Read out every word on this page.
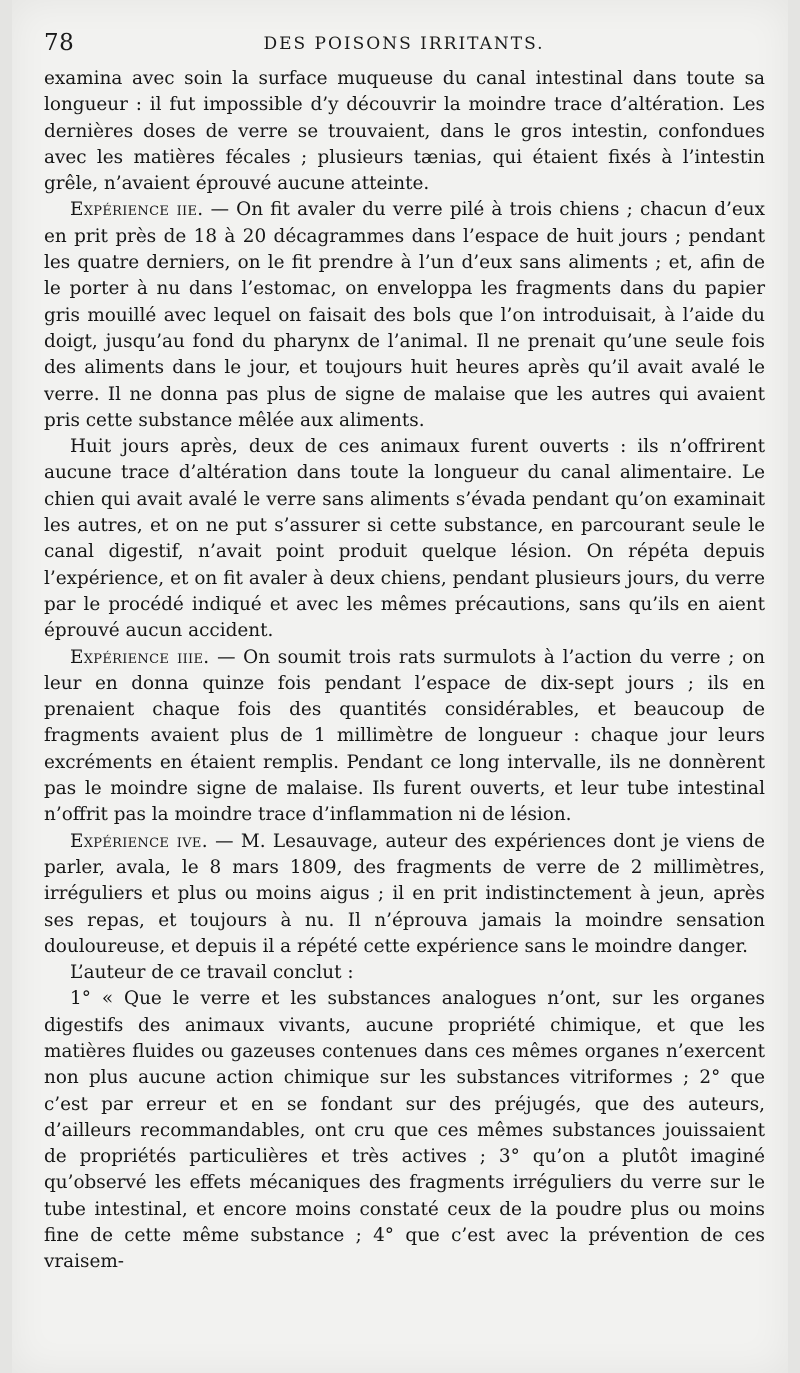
78	DES POISONS IRRITANTS.

examina avec soin la surface muqueuse du canal intestinal dans toute sa longueur : il fut impossible d’y découvrir la moindre trace d’altération. Les dernières doses de verre se trouvaient, dans le gros intestin, confondues avec les matières fécales ; plusieurs tænias, qui étaient fixés à l’intestin grêle, n’avaient éprouvé aucune atteinte.

Expérience iie. — On fit avaler du verre pilé à trois chiens ; chacun d’eux en prit près de 18 à 20 décagrammes dans l’espace de huit jours ; pendant les quatre derniers, on le fit prendre à l’un d’eux sans aliments ; et, afin de le porter à nu dans l’estomac, on enveloppa les fragments dans du papier gris mouillé avec lequel on faisait des bols que l’on introduisait, à l’aide du doigt, jusqu’au fond du pharynx de l’animal. Il ne prenait qu’une seule fois des aliments dans le jour, et toujours huit heures après qu’il avait avalé le verre. Il ne donna pas plus de signe de malaise que les autres qui avaient pris cette substance mêlée aux aliments.

Huit jours après, deux de ces animaux furent ouverts : ils n’offrirent aucune trace d’altération dans toute la longueur du canal alimentaire. Le chien qui avait avalé le verre sans aliments s’évada pendant qu’on examinait les autres, et on ne put s’assurer si cette substance, en parcourant seule le canal digestif, n’avait point produit quelque lésion. On répéta depuis l’expérience, et on fit avaler à deux chiens, pendant plusieurs jours, du verre par le procédé indiqué et avec les mêmes précautions, sans qu’ils en aient éprouvé aucun accident.

Expérience iiie. — On soumit trois rats surmulots à l’action du verre ; on leur en donna quinze fois pendant l’espace de dix-sept jours ; ils en prenaient chaque fois des quantités considérables, et beaucoup de fragments avaient plus de 1 millimètre de longueur : chaque jour leurs excréments en étaient remplis. Pendant ce long intervalle, ils ne donnèrent pas le moindre signe de malaise. Ils furent ouverts, et leur tube intestinal n’offrit pas la moindre trace d’inflammation ni de lésion.

Expérience ive. — M. Lesauvage, auteur des expériences dont je viens de parler, avala, le 8 mars 1809, des fragments de verre de 2 millimètres, irréguliers et plus ou moins aigus ; il en prit indistinctement à jeun, après ses repas, et toujours à nu. Il n’éprouva jamais la moindre sensation douloureuse, et depuis il a répété cette expérience sans le moindre danger.

L’auteur de ce travail conclut :

1° « Que le verre et les substances analogues n’ont, sur les organes digestifs des animaux vivants, aucune propriété chimique, et que les matières fluides ou gazeuses contenues dans ces mêmes organes n’exercent non plus aucune action chimique sur les substances vitriformes ; 2° que c’est par erreur et en se fondant sur des préjugés, que des auteurs, d’ailleurs recommandables, ont cru que ces mêmes substances jouissaient de propriétés particulières et très actives ; 3° qu’on a plutôt imaginé qu’observé les effets mécaniques des fragments irréguliers du verre sur le tube intestinal, et encore moins constaté ceux de la poudre plus ou moins fine de cette même substance ; 4° que c’est avec la prévention de ces vraisem-
